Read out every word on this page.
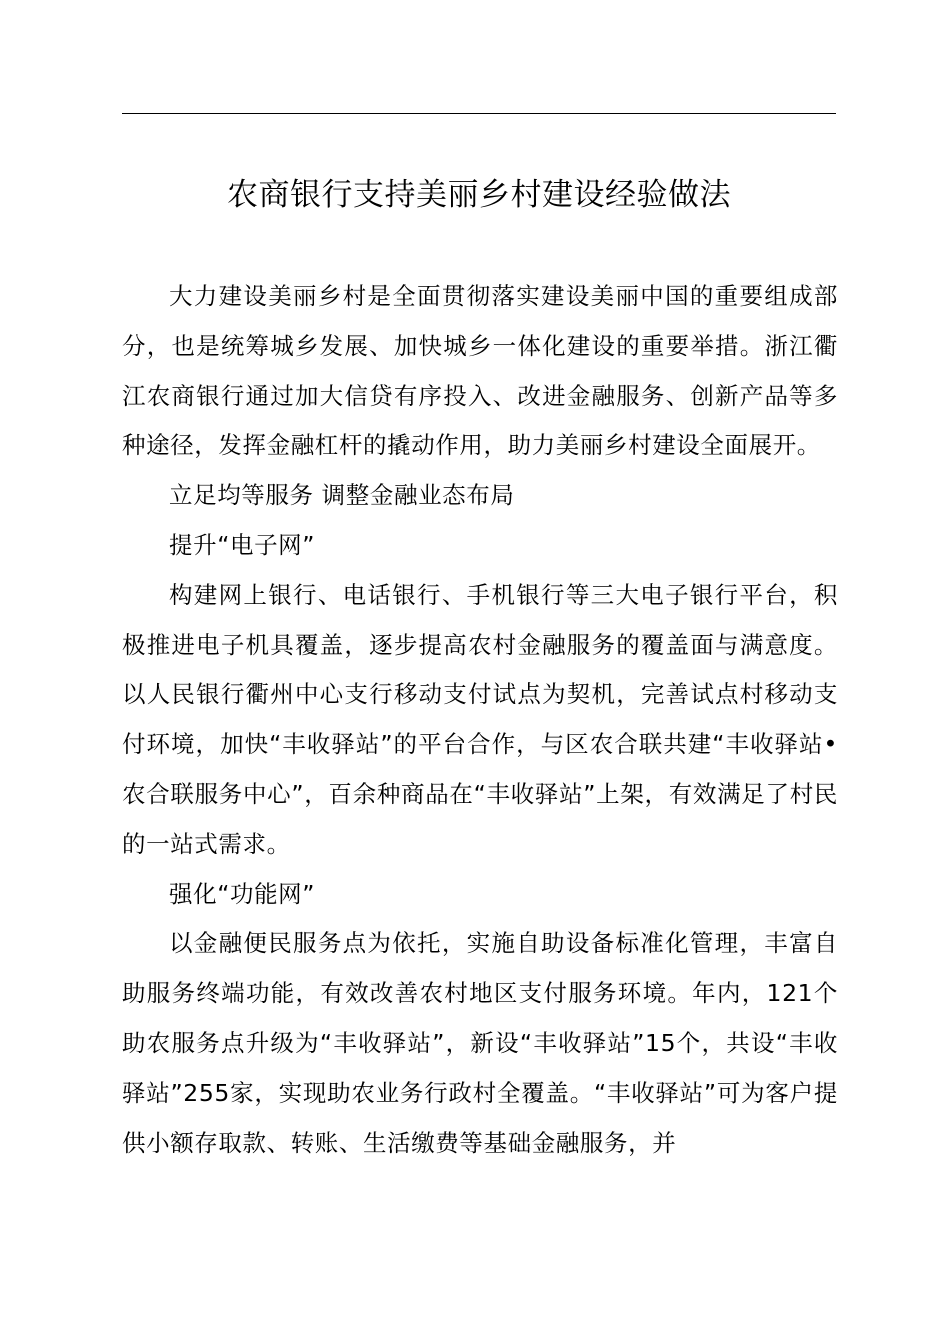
农商银行支持美丽乡村建设经验做法

大力建设美丽乡村是全面贯彻落实建设美丽中国的重要组成部分，也是统筹城乡发展、加快城乡一体化建设的重要举措。浙江衢江农商银行通过加大信贷有序投入、改进金融服务、创新产品等多种途径，发挥金融杠杆的撬动作用，助力美丽乡村建设全面展开。

立足均等服务 调整金融业态布局

提升“电子网”

构建网上银行、电话银行、手机银行等三大电子银行平台，积极推进电子机具覆盖，逐步提高农村金融服务的覆盖面与满意度。以人民银行衢州中心支行移动支付试点为契机，完善试点村移动支付环境，加快“丰收驿站”的平台合作，与区农合联共建“丰收驿站•农合联服务中心”，百余种商品在“丰收驿站”上架，有效满足了村民的一站式需求。

强化“功能网”

以金融便民服务点为依托，实施自助设备标准化管理，丰富自助服务终端功能，有效改善农村地区支付服务环境。年内，121个助农服务点升级为“丰收驿站”，新设“丰收驿站”15个，共设“丰收驿站”255家，实现助农业务行政村全覆盖。“丰收驿站”可为客户提供小额存取款、转账、生活缴费等基础金融服务，并
